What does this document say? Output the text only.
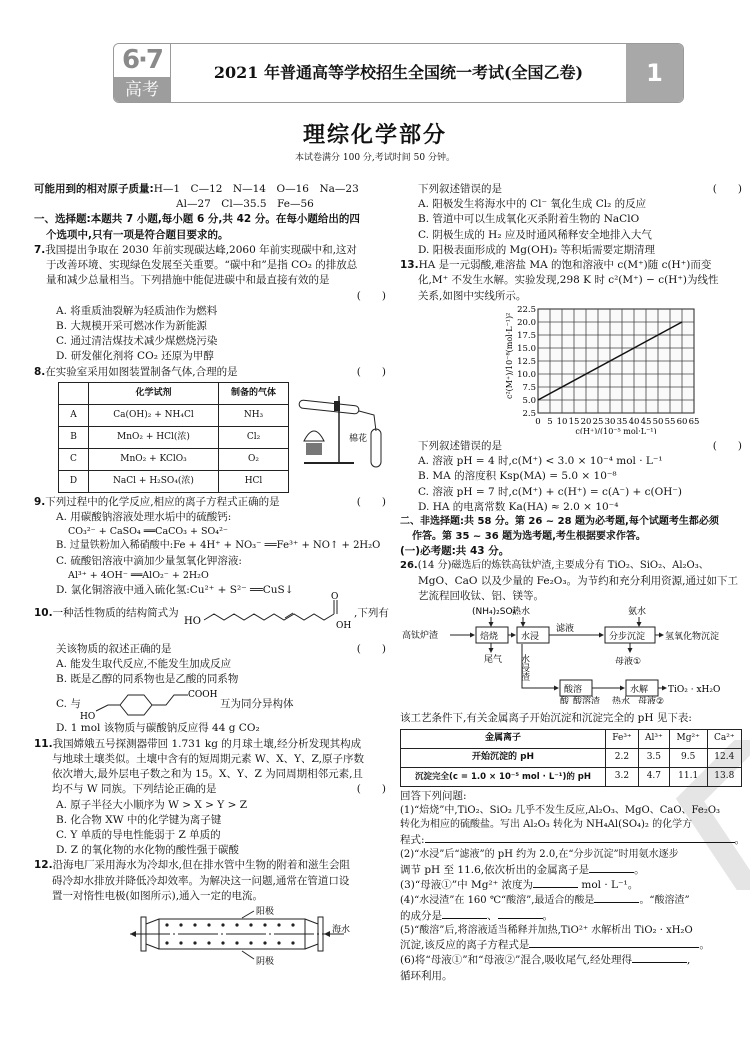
6·7
高考
2021 年普通高等学校招生全国统一考试(全国乙卷)	1
理综化学部分
本试卷满分 100 分,考试时间 50 分钟。
可能用到的相对原子质量:H—1　C—12　N—14　O—16　Na—23
Al—27　Cl—35.5　Fe—56
一、选择题:本题共 7 小题,每小题 6 分,共 42 分。在每小题给出的四
个选项中,只有一项是符合题目要求的。
7.我国提出争取在 2030 年前实现碳达峰,2060 年前实现碳中和,这对
于改善环境、实现绿色发展至关重要。“碳中和”是指 CO₂ 的排放总
量和减少总量相当。下列措施中能促进碳中和最直接有效的是
(　　)
A. 将重质油裂解为轻质油作为燃料
B. 大规模开采可燃冰作为新能源
C. 通过清洁煤技术减少煤燃烧污染
D. 研发催化剂将 CO₂ 还原为甲醇
8.在实验室采用如图装置制备气体,合理的是	(　　)
	化学试剂	制备的气体
A	Ca(OH)₂ + NH₄Cl	NH₃
B	MnO₂ + HCl(浓)	Cl₂
C	MnO₂ + KClO₃	O₂
D	NaCl + H₂SO₄(浓)	HCl
棉花
9.下列过程中的化学反应,相应的离子方程式正确的是	(　　)
A. 用碳酸钠溶液处理水垢中的硫酸钙:
CO₃²⁻ + CaSO₄ ══CaCO₃ + SO₄²⁻
B. 过量铁粉加入稀硝酸中:Fe + 4H⁺ + NO₃⁻ ══Fe³⁺ + NO↑ + 2H₂O
C. 硫酸铝溶液中滴加少量氢氧化钾溶液:
Al³⁺ + 4OH⁻ ══AlO₂⁻ + 2H₂O
D. 氯化铜溶液中通入硫化氢:Cu²⁺ + S²⁻ ══CuS↓
10.一种活性物质的结构简式为
HO
O
OH
,下列有
关该物质的叙述正确的是	(　　)
A. 能发生取代反应,不能发生加成反应
B. 既是乙醇的同系物也是乙酸的同系物
C. 与
HO
COOH
互为同分异构体
D. 1 mol 该物质与碳酸钠反应得 44 g CO₂
11.我国嫦娥五号探测器带回 1.731 kg 的月球土壤,经分析发现其构成
与地球土壤类似。土壤中含有的短周期元素 W、X、Y、Z,原子序数
依次增大,最外层电子数之和为 15。X、Y、Z 为同周期相邻元素,且
均不与 W 同族。下列结论正确的是	(　　)
A. 原子半径大小顺序为 W > X > Y > Z
B. 化合物 XW 中的化学键为离子键
C. Y 单质的导电性能弱于 Z 单质的
D. Z 的氧化物的水化物的酸性强于碳酸
12.沿海电厂采用海水为冷却水,但在排水管中生物的附着和滋生会阻
碍冷却水排放并降低冷却效率。为解决这一问题,通常在管道口设
置一对惰性电极(如图所示),通入一定的电流。
阳极
海水
阴极
下列叙述错误的是	(　　)
A. 阳极发生将海水中的 Cl⁻ 氧化生成 Cl₂ 的反应
B. 管道中可以生成氧化灭杀附着生物的 NaClO
C. 阴极生成的 H₂ 应及时通风稀释安全地排入大气
D. 阳极表面形成的 Mg(OH)₂ 等积垢需要定期清理
13.HA 是一元弱酸,难溶盐 MA 的饱和溶液中 c(M⁺)随 c(H⁺)而变
化,M⁺ 不发生水解。实验发现,298 K 时 c²(M⁺) − c(H⁺)为线性
关系,如图中实线所示。
c²(M⁺)/10⁻⁸(mol·L⁻¹)²
22.5
20.0
17.5
15.0
12.5
10.0
7.5
5.0
2.5
0 5 10 15 20 25 30 35 40 45 50 55 60 65
c(H⁺)/(10⁻⁵ mol·L⁻¹)
下列叙述错误的是	(　　)
A. 溶液 pH = 4 时,c(M⁺) < 3.0 × 10⁻⁴ mol · L⁻¹
B. MA 的溶度积 Ksp(MA) = 5.0 × 10⁻⁸
C. 溶液 pH = 7 时,c(M⁺) + c(H⁺) = c(A⁻) + c(OH⁻)
D. HA 的电离常数 Ka(HA) ≈ 2.0 × 10⁻⁴
二、非选择题:共 58 分。第 26 ~ 28 题为必考题,每个试题考生都必须
作答。第 35 ~ 36 题为选考题,考生根据要求作答。
(一)必考题:共 43 分。
26.(14 分)磁选后的炼铁高钛炉渣,主要成分有 TiO₂、SiO₂、Al₂O₃、
MgO、CaO 以及少量的 Fe₂O₃。为节约和充分利用资源,通过如下工
艺流程回收钛、铝、镁等。
(NH₄)₂SO₄
热水	氨水
高钛炉渣	焙烧	水浸
滤液
分步沉淀 氢氧化物沉淀
尾气	母液①
水浸渣
酸溶	水解 TiO₂ · xH₂O
酸 酸溶渣 热水 母液②
该工艺条件下,有关金属离子开始沉淀和沉淀完全的 pH 见下表:
金属离子	Fe³⁺	Al³⁺	Mg²⁺	Ca²⁺
开始沉淀的 pH	2.2	3.5	9.5	12.4
沉淀完全(c = 1.0 × 10⁻⁵ mol · L⁻¹)的 pH	3.2	4.7	11.1	13.8
回答下列问题:
(1)“焙烧”中,TiO₂、SiO₂ 几乎不发生反应,Al₂O₃、MgO、CaO、Fe₂O₃
转化为相应的硫酸盐。写出 Al₂O₃ 转化为 NH₄Al(SO₄)₂ 的化学方
程式:	。
(2)“水浸”后“滤液”的 pH 约为 2.0,在“分步沉淀”时用氨水逐步
调节 pH 至 11.6,依次析出的金属离子是	。
(3)“母液①”中 Mg²⁺ 浓度为	mol · L⁻¹。
(4)“水浸渣”在 160 ℃“酸溶”,最适合的酸是	。“酸溶渣”
的成分是	、	。
(5)“酸溶”后,将溶液适当稀释并加热,TiO²⁺ 水解析出 TiO₂ · xH₂O
沉淀,该反应的离子方程式是	。
(6)将“母液①”和“母液②”混合,吸收尾气,经处理得	,
循环利用。
